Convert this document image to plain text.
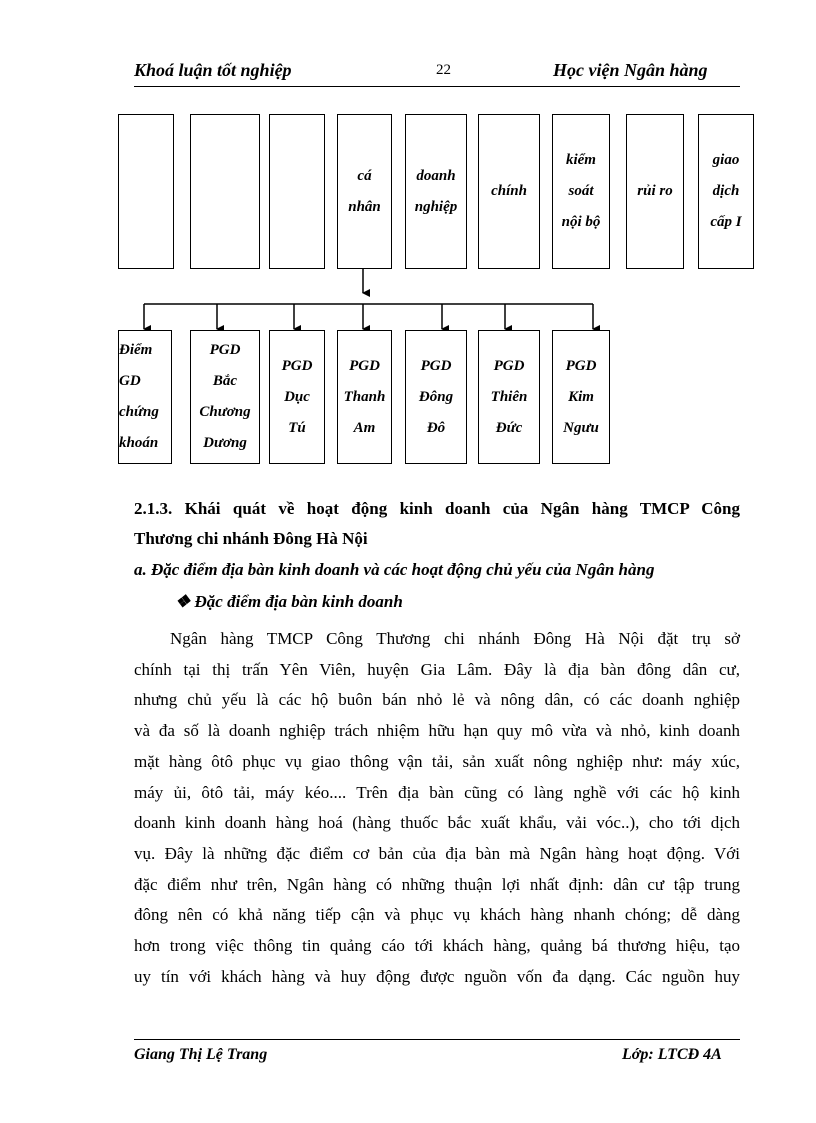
Khoá luận tốt nghiệp	22	Học viện Ngân hàng
cá
nhân
doanh
nghiệp
chính
kiểm
soát
nội bộ
rủi ro
giao
dịch
cấp I
Điểm
GD
chứng
khoán
PGD
Bắc
Chương
Dương
PGD
Dục
Tú
PGD
Thanh
Am
PGD
Đông
Đô
PGD
Thiên
Đức
PGD
Kim
Ngưu
2.1.3. Khái quát về hoạt động kinh doanh của Ngân hàng TMCP Công
Thương chi nhánh Đông Hà Nội
a. Đặc điểm địa bàn kinh doanh và các hoạt động chủ yếu của Ngân hàng
❖ Đặc điểm địa bàn kinh doanh
Ngân hàng TMCP Công Thương chi nhánh Đông Hà Nội đặt trụ sở
chính tại thị trấn Yên Viên, huyện Gia Lâm. Đây là địa bàn đông dân cư,
nhưng chủ yếu là các hộ buôn bán nhỏ lẻ và nông dân, có các doanh nghiệp
và đa số là doanh nghiệp trách nhiệm hữu hạn quy mô vừa và nhỏ, kinh doanh
mặt hàng ôtô phục vụ giao thông vận tải, sản xuất nông nghiệp như: máy xúc,
máy ủi, ôtô tải, máy kéo.... Trên địa bàn cũng có làng nghề với các hộ kinh
doanh kinh doanh hàng hoá (hàng thuốc bắc xuất khẩu, vải vóc..), cho tới dịch
vụ. Đây là những đặc điểm cơ bản của địa bàn mà Ngân hàng hoạt động. Với
đặc điểm như trên, Ngân hàng có những thuận lợi nhất định: dân cư tập trung
đông nên có khả năng tiếp cận và phục vụ khách hàng nhanh chóng; dễ dàng
hơn trong việc thông tin quảng cáo tới khách hàng, quảng bá thương hiệu, tạo
uy tín với khách hàng và huy động được nguồn vốn đa dạng. Các nguồn huy
Giang Thị Lệ Trang	Lớp: LTCĐ 4A
